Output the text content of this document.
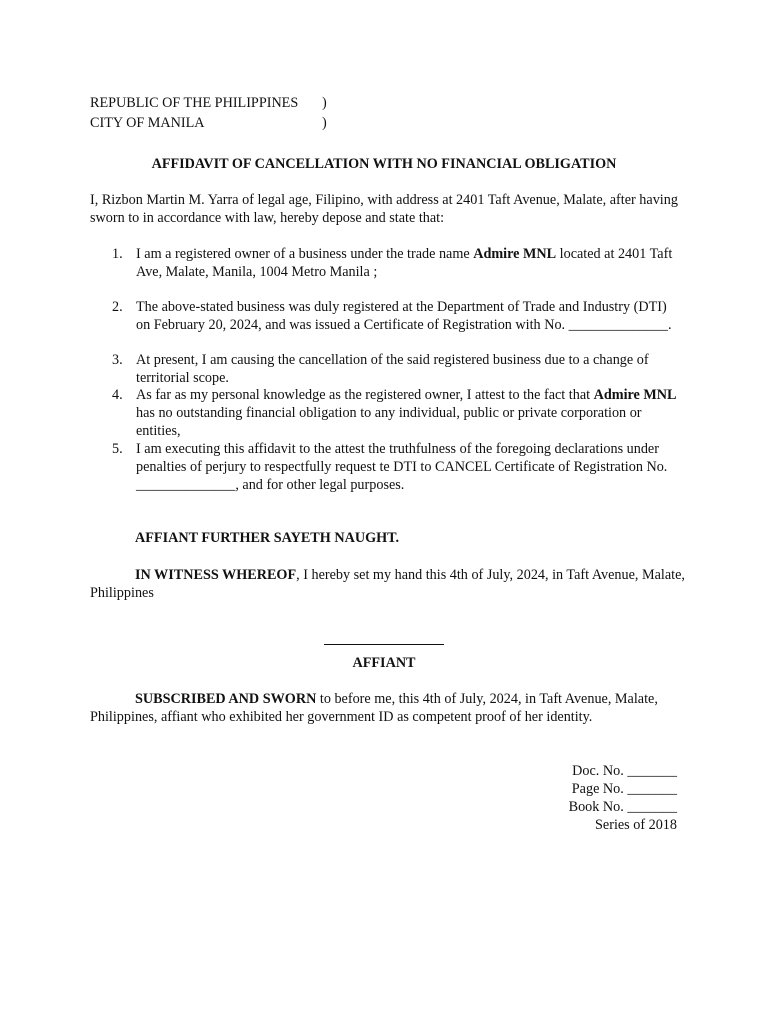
REPUBLIC OF THE PHILIPPINES )
CITY OF MANILA	)
AFFIDAVIT OF CANCELLATION WITH NO FINANCIAL OBLIGATION
I, Rizbon Martin M. Yarra of legal age, Filipino, with address at 2401 Taft Avenue, Malate, after having sworn to in accordance with law, hereby depose and state that:
1. I am a registered owner of a business under the trade name Admire MNL located at 2401 Taft Ave, Malate, Manila, 1004 Metro Manila ;
2. The above-stated business was duly registered at the Department of Trade and Industry (DTI) on February 20, 2024, and was issued a Certificate of Registration with No. ______________.
3. At present, I am causing the cancellation of the said registered business due to a change of territorial scope.
4. As far as my personal knowledge as the registered owner, I attest to the fact that Admire MNL has no outstanding financial obligation to any individual, public or private corporation or entities,
5. I am executing this affidavit to the attest the truthfulness of the foregoing declarations under penalties of perjury to respectfully request te DTI to CANCEL Certificate of Registration No. ______________, and for other legal purposes.
AFFIANT FURTHER SAYETH NAUGHT.
IN WITNESS WHEREOF, I hereby set my hand this 4th of July, 2024, in Taft Avenue, Malate, Philippines
AFFIANT
SUBSCRIBED AND SWORN to before me, this 4th of July, 2024, in Taft Avenue, Malate, Philippines, affiant who exhibited her government ID as competent proof of her identity.
Doc. No. _______
Page No. _______
Book No. _______
Series of 2018
